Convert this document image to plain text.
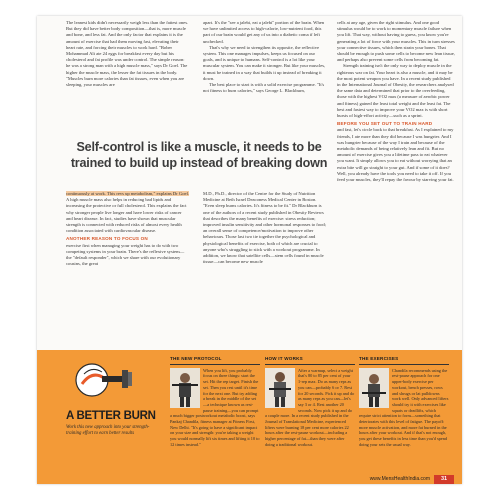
The leanest kids didn't necessarily weigh less than the fattest ones. But they did have better body composition—that is, more muscle and bone, and less fat. And the only factor that explains it is the amount of exercise that had them moving fast, elevating their heart rate, and forcing their muscles to work hard. "Bober Mohammad Ali ate 24 eggs for breakfast every day but his cholesterol and fat profile was under control. The simple reason: he was a strong man with a high muscle mass," says Dr Goel. The higher the muscle mass, the lesser the fat tissues in the body. "Muscles burn more calories than fat tissues, even when you are sleeping, your muscles are

apart. It's the "see a jalebi, eat a jalebi" portion of the brain. When we have unlimited access to high-calorie, low-nutrient food, this part of our brain would get any of us into a diabetic coma if left unchecked.

That's why we need to strengthen its opposite, the reflective system. This one manages impulses, keeps us focused on our goals, and is unique to humans. Self-control is a lot like your muscular system. You can make it stronger. But like your muscles, it must be trained in a way that builds it up instead of breaking it down.

The best place to start is with a solid exercise programme. "It's not fitness to burn calories," says George L. Blackburn,

cells at any age, given the right stimulus. And one good stimulus would be to work to momentary muscle failure when you lift. That way, without having to guess, you know you're generating a lot of force with your muscles. This in turn stresses your connective tissues, which then strain your bones. That should be enough to push some cells to become new lean tissue, and perhaps also prevent some cells from becoming fat.

Strength training isn't the only way to deploy muscle in the righteous war on fat. Your heart is also a muscle, and it may be the most potent weapon you have. In a recent study published in the International Journal of Obesity, the researchers analysed the same data and determined that prior to the overfeeding, those with the highest VO2 max (a measure of aerobic power and fitness) gained the least total weight and the least fat. The best and fastest way to improve your VO2 max is with short bursts of high-effort activity—such as a sprint.

BEFORE YOU SET OUT TO TRAIN HARD

and fast, let's circle back to that breakfast. As I explained to my friends, I ate more than they did because I was hungrier. And I was hungrier because of the way I train and because of the metabolic demands of being relatively lean and fit. But no amount of exercise gives you a lifetime pass to eat whatever you want. It simply allows you to eat without worrying that an extra bite will go straight to your gut. And if some of it does? Well, you already have the tools you need to take it off. If you feed your muscles, they'll repay the favour by starving your fat.

Self-control is like a muscle, it needs to be trained to build up instead of breaking down

continuously at work. This revs up metabolism," explains Dr Goel. A high muscle mass also helps in reducing bad lipids and increasing the protective or full cholesterol. This explains the fact why stronger people live longer and have lower risks of cancer and heart disease. In fact, studies have shown that muscular strength is connected with reduced risks of almost every health condition associated with cardiovascular disease.

ANOTHER REASON TO FOCUS ON

exercise first when managing your weight has to do with two competing systems in your brain. There's the reflexive system—the "default responder", which we share with our evolutionary cousins, the great

M.D., Ph.D., director of the Centre for the Study of Nutrition Medicine at Beth Israel Deaconess Medical Center in Boston. "Even sleep burns calories. It's fitness to be fit." Dr Blackburn is one of the authors of a recent study published in Obesity Reviews that describes the many benefits of exercise: stress reduction; improved insulin sensitivity and other hormonal responses to food; an overall sense of competence/motivation to improve other behaviours. Those last two tie together the psychological and physiological benefits of exercise, both of which are crucial to anyone who's struggling to stick with a workout programme. In addition, we know that satellite cells—stem cells found in muscle tissue—can become new muscle

A BETTER BURN
Work this new approach into your strength-training effort to earn better results
THE NEW PROTOCOL
When you lift, you probably focus on three things: start the set. Hit the rep target. Finish the set. Then you rest until it's time for the next one. But try adding a break in the middle of the set—a technique known as rest-pause training—you can prompt a much bigger postworkout metabolic boost, says Pankaj Chandila, fitness manager at Fitness First, New Delhi. "It's going to have a significant impact on your size and strength: you're taking a weight you would normally lift six times and lifting it 10 to 12 times instead."
HOW IT WORKS
After a warmup, select a weight that's 80 to 85 per cent of your 1-rep max. Do as many reps as you can—probably 6 or 7. Rest for 20 seconds. Pick it up and do as many reps as you can—let's say 3 or 4. Rest another 20 seconds. Now pick it up and do a couple more. In a recent study published in the Journal of Translational Medicine, experienced lifters were burning 18 per cent more calories 22 hours after the rest-pause workout—including a higher percentage of fat—than they were after doing a traditional workout.
THE EXERCISES
Chandila recommends using the rest-pause approach for one upper-body exercise per workout, bench presses, rows and shrugs or lat pulldowns work well. Only advanced lifters should try it with exercises like squats or deadlifts, which require strict attention to form—something that deteriorates with this level of fatigue. The payoff: more muscle activation, and more fat burned in the hours after your workout. And if that's not enough, you get these benefits in less time than you'd spend doing your sets the usual way.
www.MensHealthIndia.com	31
